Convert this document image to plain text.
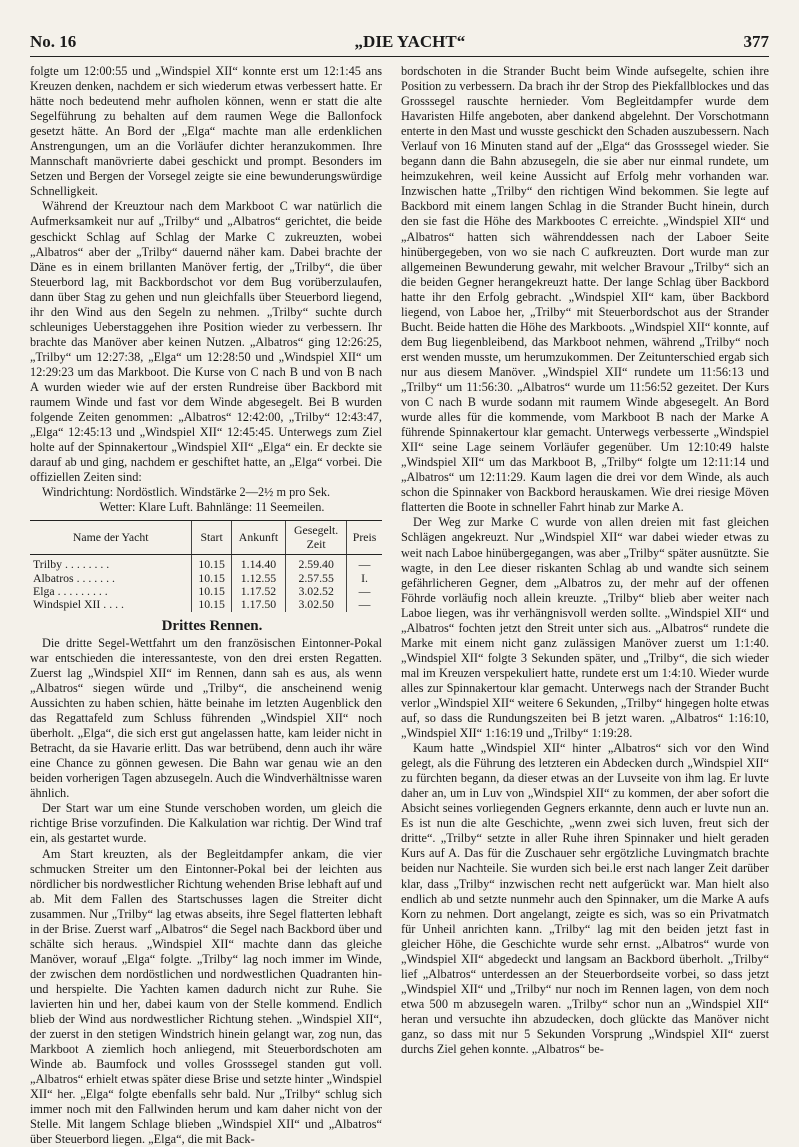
No. 16	„DIE YACHT“	377

folgte um 12:00:55 und „Windspiel XII“ konnte erst um 12:1:45 ans Kreuzen denken, nachdem er sich wiederum etwas verbessert hatte. Er hätte noch bedeutend mehr aufholen können, wenn er statt die alte Segelführung zu behalten auf dem raumen Wege die Ballonfock gesetzt hätte. An Bord der „Elga“ machte man alle erdenklichen Anstrengungen, um an die Vorläufer dichter heranzukommen. Ihre Mannschaft manövrierte dabei geschickt und prompt. Besonders im Setzen und Bergen der Vorsegel zeigte sie eine bewunderungswürdige Schnelligkeit.

Während der Kreuztour nach dem Markboot C war natürlich die Aufmerksamkeit nur auf „Trilby“ und „Albatros“ gerichtet, die beide geschickt Schlag auf Schlag der Marke C zukreuzten, wobei „Albatros“ aber der „Trilby“ dauernd näher kam. Dabei brachte der Däne es in einem brillanten Manöver fertig, der „Trilby“, die über Steuerbord lag, mit Backbordschot vor dem Bug vorüberzulaufen, dann über Stag zu gehen und nun gleichfalls über Steuerbord liegend, ihr den Wind aus den Segeln zu nehmen. „Trilby“ suchte durch schleuniges Ueberstaggehen ihre Position wieder zu verbessern. Ihr brachte das Manöver aber keinen Nutzen. „Albatros“ ging 12:26:25, „Trilby“ um 12:27:38, „Elga“ um 12:28:50 und „Windspiel XII“ um 12:29:23 um das Markboot. Die Kurse von C nach B und von B nach A wurden wieder wie auf der ersten Rundreise über Backbord mit raumem Winde und fast vor dem Winde abgesegelt. Bei B wurden folgende Zeiten genommen: „Albatros“ 12:42:00, „Trilby“ 12:43:47, „Elga“ 12:45:13 und „Windspiel XII“ 12:45:45. Unterwegs zum Ziel holte auf der Spinnakertour „Windspiel XII“ „Elga“ ein. Er deckte sie darauf ab und ging, nachdem er geschiftet hatte, an „Elga“ vorbei. Die offiziellen Zeiten sind:

Windrichtung: Nordöstlich. Windstärke 2—2½ m pro Sek.

Wetter: Klare Luft. Bahnlänge: 11 Seemeilen.

Name der Yacht	Start	Ankunft	Gesegelt. Zeit	Preis
Trilby . . . . . . . .	10.15	1.14.40	2.59.40	—
Albatros . . . . . . .	10.15	1.12.55	2.57.55	I.
Elga . . . . . . . . .	10.15	1.17.52	3.02.52	—
Windspiel XII . . . .	10.15	1.17.50	3.02.50	—

Drittes Rennen.

Die dritte Segel-Wettfahrt um den französischen Eintonner-Pokal war entschieden die interessanteste, von den drei ersten Regatten. Zuerst lag „Windspiel XII“ im Rennen, dann sah es aus, als wenn „Albatros“ siegen würde und „Trilby“, die anscheinend wenig Aussichten zu haben schien, hätte beinahe im letzten Augenblick den das Regattafeld zum Schluss führenden „Windspiel XII“ noch überholt. „Elga“, die sich erst gut angelassen hatte, kam leider nicht in Betracht, da sie Havarie erlitt. Das war betrübend, denn auch ihr wäre eine Chance zu gönnen gewesen. Die Bahn war genau wie an den beiden vorherigen Tagen abzusegeln. Auch die Windverhältnisse waren ähnlich.

Der Start war um eine Stunde verschoben worden, um gleich die richtige Brise vorzufinden. Die Kalkulation war richtig. Der Wind traf ein, als gestartet wurde.

Am Start kreuzten, als der Begleitdampfer ankam, die vier schmucken Streiter um den Eintonner-Pokal bei der leichten aus nördlicher bis nordwestlicher Richtung wehenden Brise lebhaft auf und ab. Mit dem Fallen des Startschusses lagen die Streiter dicht zusammen. Nur „Trilby“ lag etwas abseits, ihre Segel flatterten lebhaft in der Brise. Zuerst warf „Albatros“ die Segel nach Backbord über und schälte sich heraus. „Windspiel XII“ machte dann das gleiche Manöver, worauf „Elga“ folgte. „Trilby“ lag noch immer im Winde, der zwischen dem nordöstlichen und nordwestlichen Quadranten hin- und herspielte. Die Yachten kamen dadurch nicht zur Ruhe. Sie lavierten hin und her, dabei kaum von der Stelle kommend. Endlich blieb der Wind aus nordwestlicher Richtung stehen. „Windspiel XII“, der zuerst in den stetigen Windstrich hinein gelangt war, zog nun, das Markboot A ziemlich hoch anliegend, mit Steuerbordschoten am Winde ab. Baumfock und volles Grosssegel standen gut voll. „Albatros“ erhielt etwas später diese Brise und setzte hinter „Windspiel XII“ her. „Elga“ folgte ebenfalls sehr bald. Nur „Trilby“ schlug sich immer noch mit den Fallwinden herum und kam daher nicht von der Stelle. Mit langem Schlage blieben „Windspiel XII“ und „Albatros“ über Steuerbord liegen. „Elga“, die mit Back-

bordschoten in die Strander Bucht beim Winde aufsegelte, schien ihre Position zu verbessern. Da brach ihr der Strop des Piekfallblockes und das Grosssegel rauschte hernieder. Vom Begleitdampfer wurde dem Havaristen Hilfe angeboten, aber dankend abgelehnt. Der Vorschotmann enterte in den Mast und wusste geschickt den Schaden auszubessern. Nach Verlauf von 16 Minuten stand auf der „Elga“ das Grosssegel wieder. Sie begann dann die Bahn abzusegeln, die sie aber nur einmal rundete, um heimzukehren, weil keine Aussicht auf Erfolg mehr vorhanden war. Inzwischen hatte „Trilby“ den richtigen Wind bekommen. Sie legte auf Backbord mit einem langen Schlag in die Strander Bucht hinein, durch den sie fast die Höhe des Markbootes C erreichte. „Windspiel XII“ und „Albatros“ hatten sich währenddessen nach der Laboer Seite hinübergegeben, von wo sie nach C aufkreuzten. Dort wurde man zur allgemeinen Bewunderung gewahr, mit welcher Bravour „Trilby“ sich an die beiden Gegner herangekreuzt hatte. Der lange Schlag über Backbord hatte ihr den Erfolg gebracht. „Windspiel XII“ kam, über Backbord liegend, von Laboe her, „Trilby“ mit Steuerbordschot aus der Strander Bucht. Beide hatten die Höhe des Markboots. „Windspiel XII“ konnte, auf dem Bug liegenbleibend, das Markboot nehmen, während „Trilby“ noch erst wenden musste, um herumzukommen. Der Zeitunterschied ergab sich nur aus diesem Manöver. „Windspiel XII“ rundete um 11:56:13 und „Trilby“ um 11:56:30. „Albatros“ wurde um 11:56:52 gezeitet. Der Kurs von C nach B wurde sodann mit raumem Winde abgesegelt. An Bord wurde alles für die kommende, vom Markboot B nach der Marke A führende Spinnakertour klar gemacht. Unterwegs verbesserte „Windspiel XII“ seine Lage seinem Vorläufer gegenüber. Um 12:10:49 halste „Windspiel XII“ um das Markboot B, „Trilby“ folgte um 12:11:14 und „Albatros“ um 12:11:29. Kaum lagen die drei vor dem Winde, als auch schon die Spinnaker von Backbord herauskamen. Wie drei riesige Möven flatterten die Boote in schneller Fahrt hinab zur Marke A.

Der Weg zur Marke C wurde von allen dreien mit fast gleichen Schlägen angekreuzt. Nur „Windspiel XII“ war dabei wieder etwas zu weit nach Laboe hinübergegangen, was aber „Trilby“ später ausnützte. Sie wagte, in den Lee dieser riskanten Schlag ab und wandte sich seinem gefährlicheren Gegner, dem „Albatros zu, der mehr auf der offenen Föhrde vorläufig noch allein kreuzte. „Trilby“ blieb aber weiter nach Laboe liegen, was ihr verhängnisvoll werden sollte. „Windspiel XII“ und „Albatros“ fochten jetzt den Streit unter sich aus. „Albatros“ rundete die Marke mit einem nicht ganz zulässigen Manöver zuerst um 1:1:40. „Windspiel XII“ folgte 3 Sekunden später, und „Trilby“, die sich wieder mal im Kreuzen verspekuliert hatte, rundete erst um 1:4:10. Wieder wurde alles zur Spinnakertour klar gemacht. Unterwegs nach der Strander Bucht verlor „Windspiel XII“ weitere 6 Sekunden, „Trilby“ hingegen holte etwas auf, so dass die Rundungszeiten bei B jetzt waren. „Albatros“ 1:16:10, „Windspiel XII“ 1:16:19 und „Trilby“ 1:19:28.

Kaum hatte „Windspiel XII“ hinter „Albatros“ sich vor den Wind gelegt, als die Führung des letzteren ein Abdecken durch „Windspiel XII“ zu fürchten begann, da dieser etwas an der Luvseite von ihm lag. Er luvte daher an, um in Luv von „Windspiel XII“ zu kommen, der aber sofort die Absicht seines vorliegenden Gegners erkannte, denn auch er luvte nun an. Es ist nun die alte Geschichte, „wenn zwei sich luven, freut sich der dritte“. „Trilby“ setzte in aller Ruhe ihren Spinnaker und hielt geraden Kurs auf A. Das für die Zuschauer sehr ergötzliche Luvingmatch brachte beiden nur Nachteile. Sie wurden sich bei.le erst nach langer Zeit darüber klar, dass „Trilby“ inzwischen recht nett aufgerückt war. Man hielt also endlich ab und setzte nunmehr auch den Spinnaker, um die Marke A aufs Korn zu nehmen. Dort angelangt, zeigte es sich, was so ein Privatmatch für Unheil anrichten kann. „Trilby“ lag mit den beiden jetzt fast in gleicher Höhe, die Geschichte wurde sehr ernst. „Albatros“ wurde von „Windspiel XII“ abgedeckt und langsam an Backbord überholt. „Trilby“ lief „Albatros“ unterdessen an der Steuerbordseite vorbei, so dass jetzt „Windspiel XII“ und „Trilby“ nur noch im Rennen lagen, von dem noch etwa 500 m abzusegeln waren. „Trilby“ schor nun an „Windspiel XII“ heran und versuchte ihn abzudecken, doch glückte das Manöver nicht ganz, so dass mit nur 5 Sekunden Vorsprung „Windspiel XII“ zuerst durchs Ziel gehen konnte. „Albatros“ be-
